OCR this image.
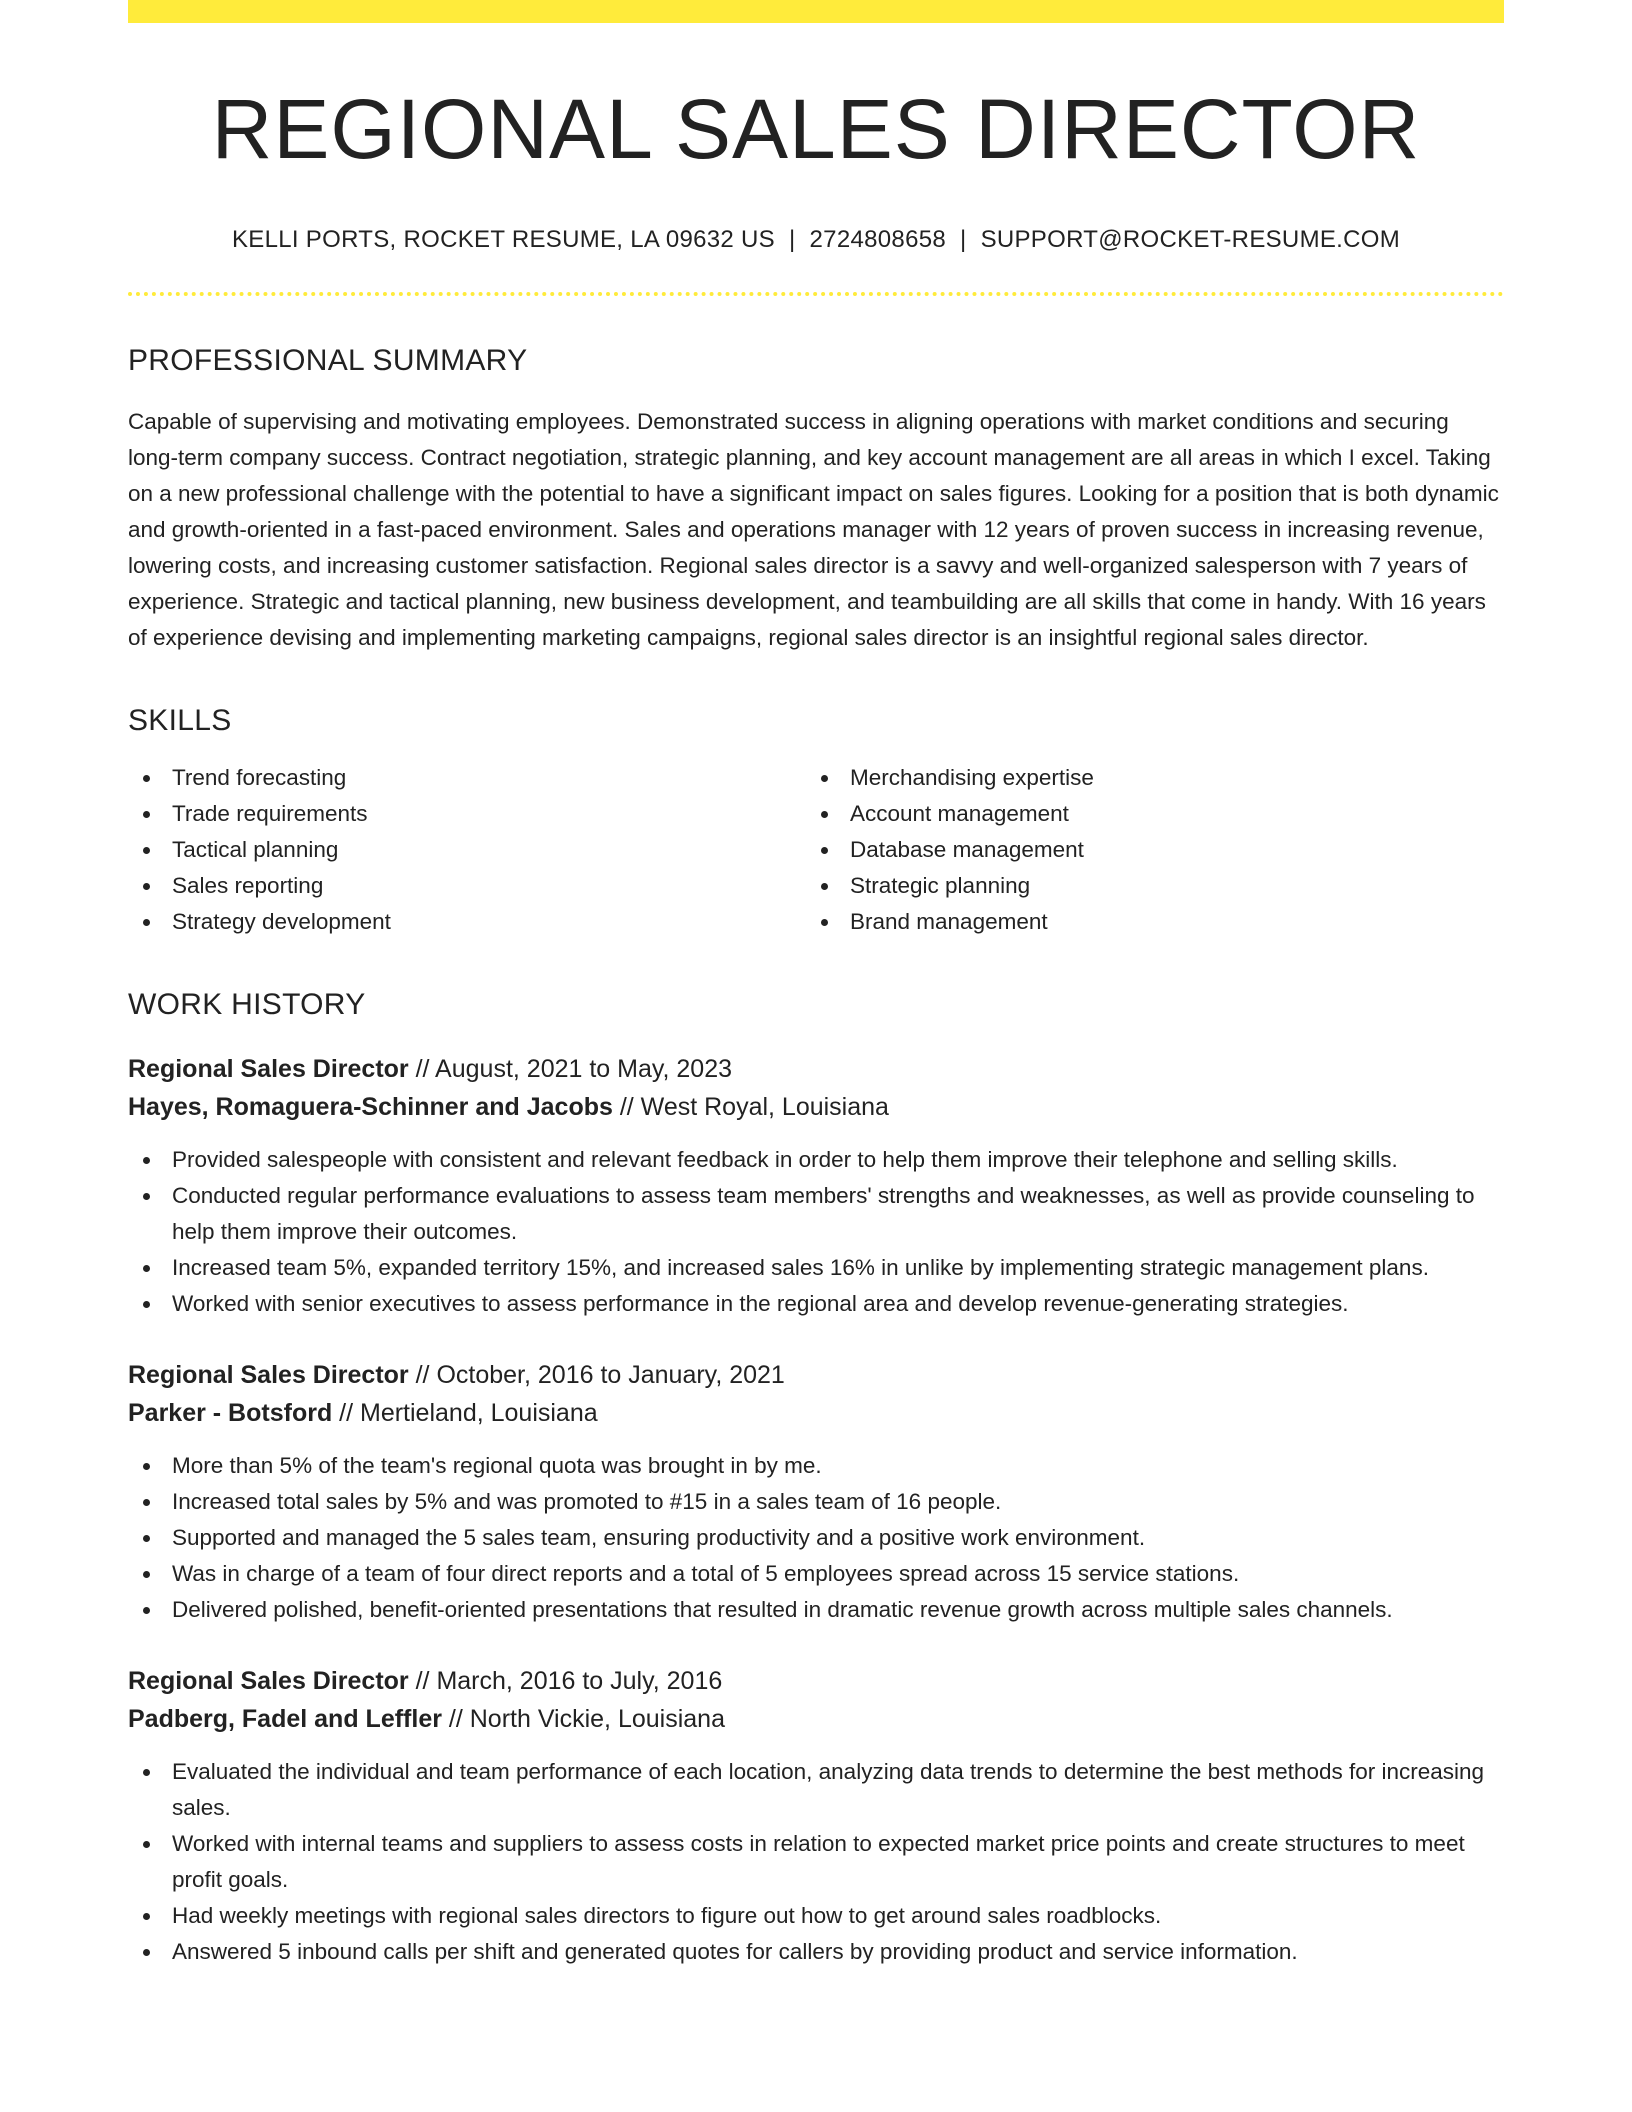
REGIONAL SALES DIRECTOR
KELLI PORTS, ROCKET RESUME, LA 09632 US | 2724808658 | SUPPORT@ROCKET-RESUME.COM
PROFESSIONAL SUMMARY
Capable of supervising and motivating employees. Demonstrated success in aligning operations with market conditions and securing long-term company success. Contract negotiation, strategic planning, and key account management are all areas in which I excel. Taking on a new professional challenge with the potential to have a significant impact on sales figures. Looking for a position that is both dynamic and growth-oriented in a fast-paced environment. Sales and operations manager with 12 years of proven success in increasing revenue, lowering costs, and increasing customer satisfaction. Regional sales director is a savvy and well-organized salesperson with 7 years of experience. Strategic and tactical planning, new business development, and teambuilding are all skills that come in handy. With 16 years of experience devising and implementing marketing campaigns, regional sales director is an insightful regional sales director.
SKILLS
Trend forecasting
Trade requirements
Tactical planning
Sales reporting
Strategy development
Merchandising expertise
Account management
Database management
Strategic planning
Brand management
WORK HISTORY
Regional Sales Director // August, 2021 to May, 2023
Hayes, Romaguera-Schinner and Jacobs // West Royal, Louisiana
Provided salespeople with consistent and relevant feedback in order to help them improve their telephone and selling skills.
Conducted regular performance evaluations to assess team members' strengths and weaknesses, as well as provide counseling to help them improve their outcomes.
Increased team 5%, expanded territory 15%, and increased sales 16% in unlike by implementing strategic management plans.
Worked with senior executives to assess performance in the regional area and develop revenue-generating strategies.
Regional Sales Director // October, 2016 to January, 2021
Parker - Botsford // Mertieland, Louisiana
More than 5% of the team's regional quota was brought in by me.
Increased total sales by 5% and was promoted to #15 in a sales team of 16 people.
Supported and managed the 5 sales team, ensuring productivity and a positive work environment.
Was in charge of a team of four direct reports and a total of 5 employees spread across 15 service stations.
Delivered polished, benefit-oriented presentations that resulted in dramatic revenue growth across multiple sales channels.
Regional Sales Director // March, 2016 to July, 2016
Padberg, Fadel and Leffler // North Vickie, Louisiana
Evaluated the individual and team performance of each location, analyzing data trends to determine the best methods for increasing sales.
Worked with internal teams and suppliers to assess costs in relation to expected market price points and create structures to meet profit goals.
Had weekly meetings with regional sales directors to figure out how to get around sales roadblocks.
Answered 5 inbound calls per shift and generated quotes for callers by providing product and service information.
